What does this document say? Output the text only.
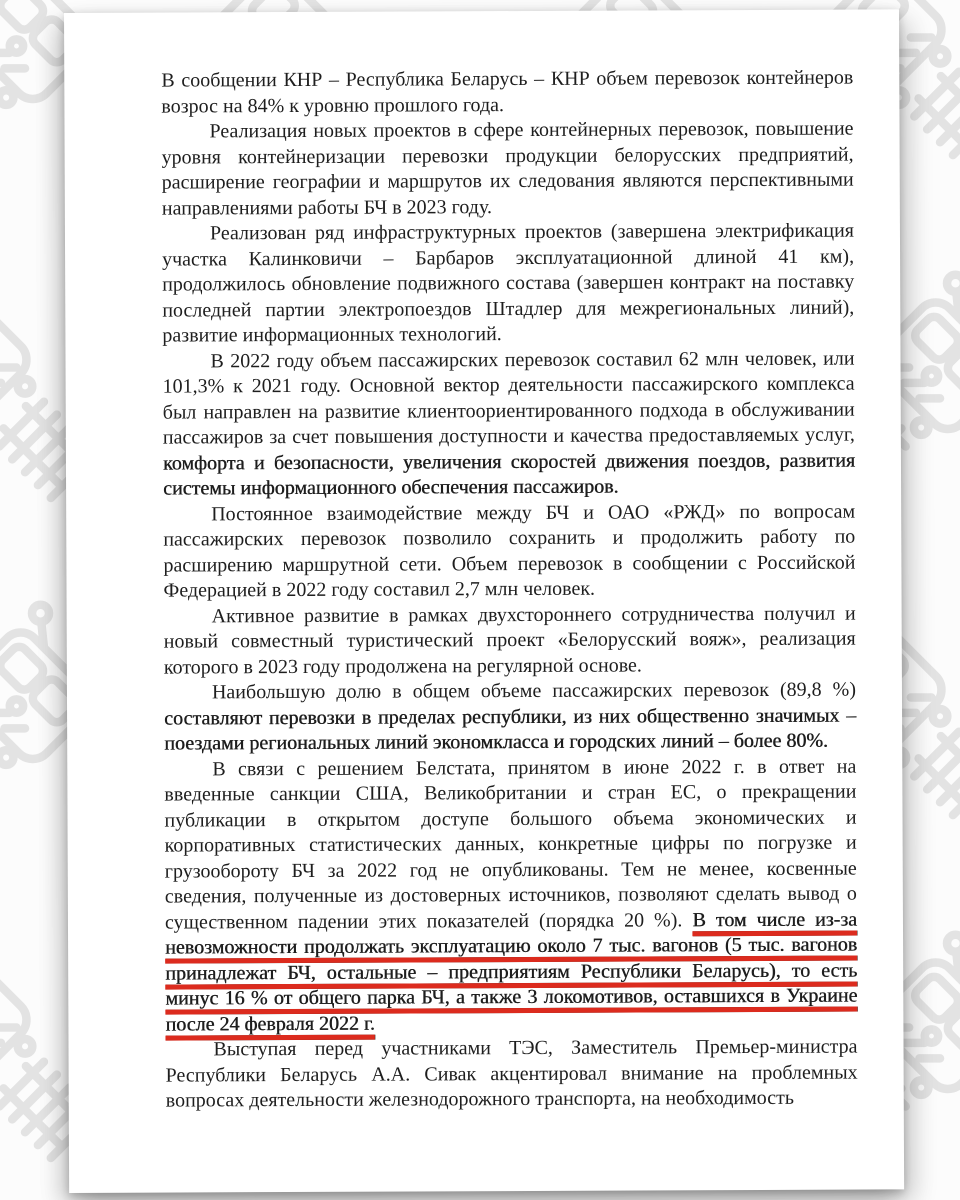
В сообщении КНР – Республика Беларусь – КНР объем перевозок контейнеров возрос на 84% к уровню прошлого года.

Реализация новых проектов в сфере контейнерных перевозок, повышение уровня контейнеризации перевозки продукции белорусских предприятий, расширение географии и маршрутов их следования являются перспективными направлениями работы БЧ в 2023 году.

Реализован ряд инфраструктурных проектов (завершена электрификация участка Калинковичи – Барбаров эксплуатационной длиной 41 км), продолжилось обновление подвижного состава (завершен контракт на поставку последней партии электропоездов Штадлер для межрегиональных линий), развитие информационных технологий.

В 2022 году объем пассажирских перевозок составил 62 млн человек, или 101,3% к 2021 году. Основной вектор деятельности пассажирского комплекса был направлен на развитие клиентоориентированного подхода в обслуживании пассажиров за счет повышения доступности и качества предоставляемых услуг, комфорта и безопасности, увеличения скоростей движения поездов, развития системы информационного обеспечения пассажиров.

Постоянное взаимодействие между БЧ и ОАО «РЖД» по вопросам пассажирских перевозок позволило сохранить и продолжить работу по расширению маршрутной сети. Объем перевозок в сообщении с Российской Федерацией в 2022 году составил 2,7 млн человек.

Активное развитие в рамках двухстороннего сотрудничества получил и новый совместный туристический проект «Белорусский вояж», реализация которого в 2023 году продолжена на регулярной основе.

Наибольшую долю в общем объеме пассажирских перевозок (89,8 %) составляют перевозки в пределах республики, из них общественно значимых – поездами региональных линий экономкласса и городских линий – более 80%.

В связи с решением Белстата, принятом в июне 2022 г. в ответ на введенные санкции США, Великобритании и стран ЕС, о прекращении публикации в открытом доступе большого объема экономических и корпоративных статистических данных, конкретные цифры по погрузке и грузообороту БЧ за 2022 год не опубликованы. Тем не менее, косвенные сведения, полученные из достоверных источников, позволяют сделать вывод о существенном падении этих показателей (порядка 20 %). В том числе из-за невозможности продолжать эксплуатацию около 7 тыс. вагонов (5 тыс. вагонов принадлежат БЧ, остальные – предприятиям Республики Беларусь), то есть минус 16 % от общего парка БЧ, а также 3 локомотивов, оставшихся в Украине после 24 февраля 2022 г.

Выступая перед участниками ТЭС, Заместитель Премьер-министра Республики Беларусь А.А. Сивак акцентировал внимание на проблемных вопросах деятельности железнодорожного транспорта, на необходимость
